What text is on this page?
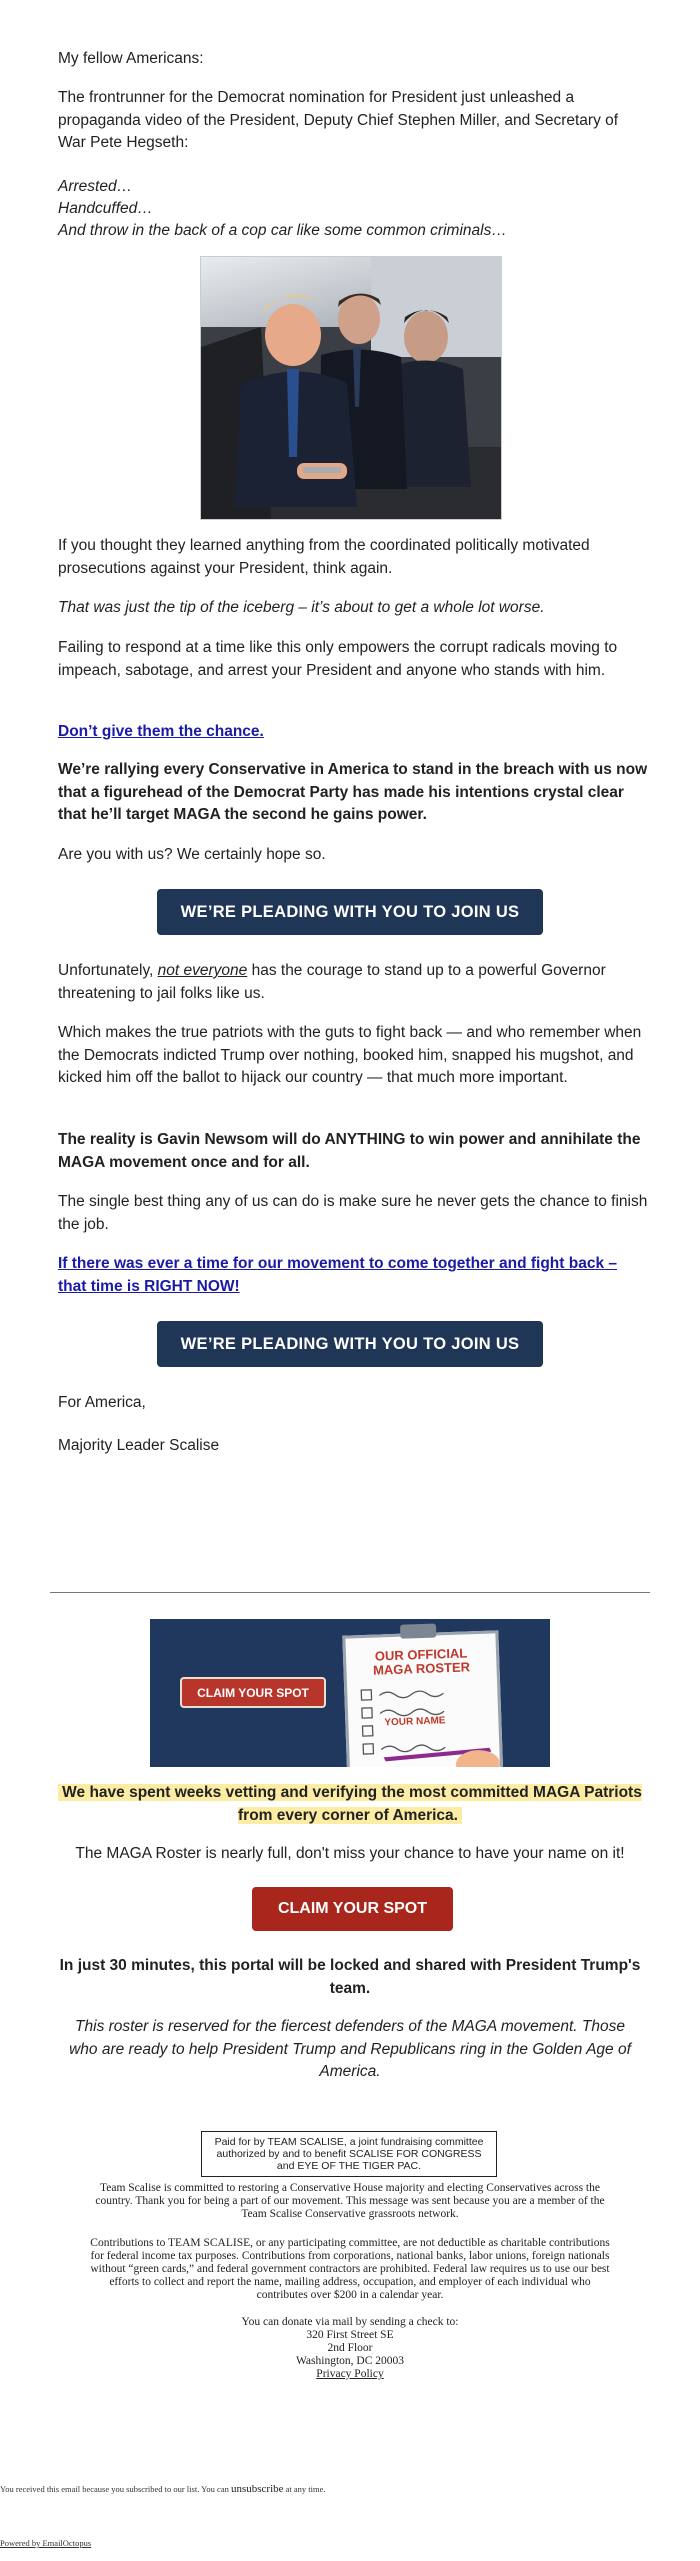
My fellow Americans:

The frontrunner for the Democrat nomination for President just unleashed a propaganda video of the President, Deputy Chief Stephen Miller, and Secretary of War Pete Hegseth:

Arrested…

Handcuffed…

And throw in the back of a cop car like some common criminals…

If you thought they learned anything from the coordinated politically motivated prosecutions against your President, think again.

That was just the tip of the iceberg – it’s about to get a whole lot worse.

Failing to respond at a time like this only empowers the corrupt radicals moving to impeach, sabotage, and arrest your President and anyone who stands with him.

Don’t give them the chance.

We’re rallying every Conservative in America to stand in the breach with us now that a figurehead of the Democrat Party has made his intentions crystal clear that he’ll target MAGA the second he gains power.

Are you with us? We certainly hope so.

WE’RE PLEADING WITH YOU TO JOIN US

Unfortunately, not everyone has the courage to stand up to a powerful Governor threatening to jail folks like us.

Which makes the true patriots with the guts to fight back — and who remember when the Democrats indicted Trump over nothing, booked him, snapped his mugshot, and kicked him off the ballot to hijack our country — that much more important.

The reality is Gavin Newsom will do ANYTHING to win power and annihilate the MAGA movement once and for all.

The single best thing any of us can do is make sure he never gets the chance to finish the job.

If there was ever a time for our movement to come together and fight back – that time is RIGHT NOW!

WE’RE PLEADING WITH YOU TO JOIN US

For America,

Majority Leader Scalise

CLAIM YOUR SPOT
OUR OFFICIAL
MAGA ROSTER
YOUR NAME

We have spent weeks vetting and verifying the most committed MAGA Patriots from every corner of America.

The MAGA Roster is nearly full, don't miss your chance to have your name on it!

CLAIM YOUR SPOT

In just 30 minutes, this portal will be locked and shared with President Trump's team.

This roster is reserved for the fiercest defenders of the MAGA movement. Those who are ready to help President Trump and Republicans ring in the Golden Age of America.

Paid for by TEAM SCALISE, a joint fundraising committee authorized by and to benefit SCALISE FOR CONGRESS and EYE OF THE TIGER PAC.
Team Scalise is committed to restoring a Conservative House majority and electing Conservatives across the country. Thank you for being a part of our movement. This message was sent because you are a member of the Team Scalise Conservative grassroots network.
Contributions to TEAM SCALISE, or any participating committee, are not deductible as charitable contributions for federal income tax purposes. Contributions from corporations, national banks, labor unions, foreign nationals without “green cards,” and federal government contractors are prohibited. Federal law requires us to use our best efforts to collect and report the name, mailing address, occupation, and employer of each individual who contributes over $200 in a calendar year.
You can donate via mail by sending a check to:
320 First Street SE
2nd Floor
Washington, DC 20003
Privacy Policy
You received this email because you subscribed to our list. You can unsubscribe at any time.
Powered by EmailOctopus
